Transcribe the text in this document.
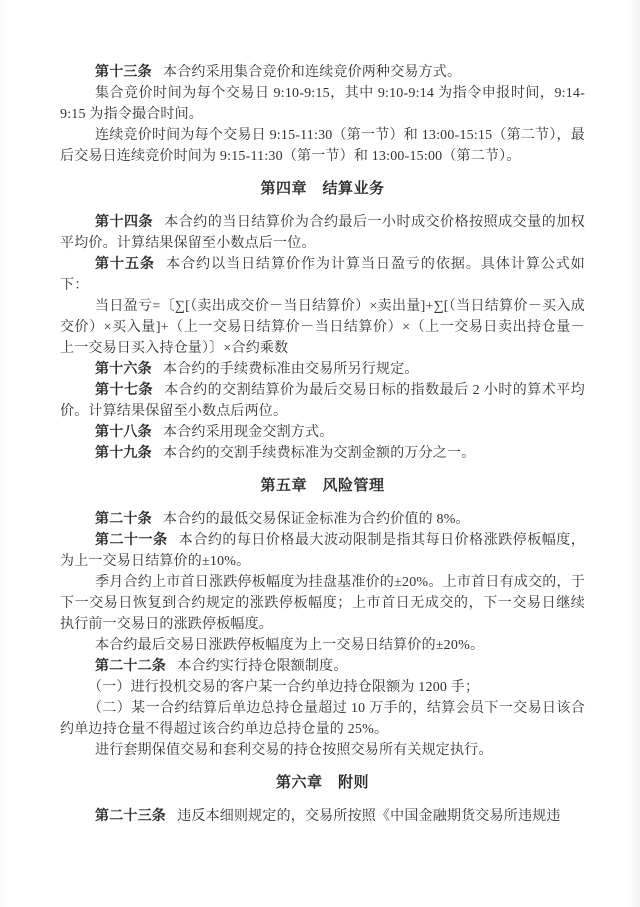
第十三条 本合约采用集合竞价和连续竞价两种交易方式。

集合竞价时间为每个交易日 9:10-9:15，其中 9:10-9:14 为指令申报时间，9:14-9:15 为指令撮合时间。

连续竞价时间为每个交易日 9:15-11:30（第一节）和 13:00-15:15（第二节），最后交易日连续竞价时间为 9:15-11:30（第一节）和 13:00-15:00（第二节）。

第四章　结算业务

第十四条 本合约的当日结算价为合约最后一小时成交价格按照成交量的加权平均价。计算结果保留至小数点后一位。

第十五条 本合约以当日结算价作为计算当日盈亏的依据。具体计算公式如下：

当日盈亏=〔∑[（卖出成交价－当日结算价）×卖出量]+∑[（当日结算价－买入成交价）×买入量]+（上一交易日结算价－当日结算价）×（上一交易日卖出持仓量－上一交易日买入持仓量）〕×合约乘数

第十六条 本合约的手续费标准由交易所另行规定。

第十七条 本合约的交割结算价为最后交易日标的指数最后 2 小时的算术平均价。计算结果保留至小数点后两位。

第十八条 本合约采用现金交割方式。

第十九条 本合约的交割手续费标准为交割金额的万分之一。

第五章　风险管理

第二十条 本合约的最低交易保证金标准为合约价值的 8%。

第二十一条 本合约的每日价格最大波动限制是指其每日价格涨跌停板幅度，为上一交易日结算价的±10%。

季月合约上市首日涨跌停板幅度为挂盘基准价的±20%。上市首日有成交的，于下一交易日恢复到合约规定的涨跌停板幅度；上市首日无成交的，下一交易日继续执行前一交易日的涨跌停板幅度。

本合约最后交易日涨跌停板幅度为上一交易日结算价的±20%。

第二十二条 本合约实行持仓限额制度。

（一）进行投机交易的客户某一合约单边持仓限额为 1200 手；

（二）某一合约结算后单边总持仓量超过 10 万手的，结算会员下一交易日该合约单边持仓量不得超过该合约单边总持仓量的 25%。

进行套期保值交易和套利交易的持仓按照交易所有关规定执行。

第六章　附则

第二十三条 违反本细则规定的，交易所按照《中国金融期货交易所违规违
